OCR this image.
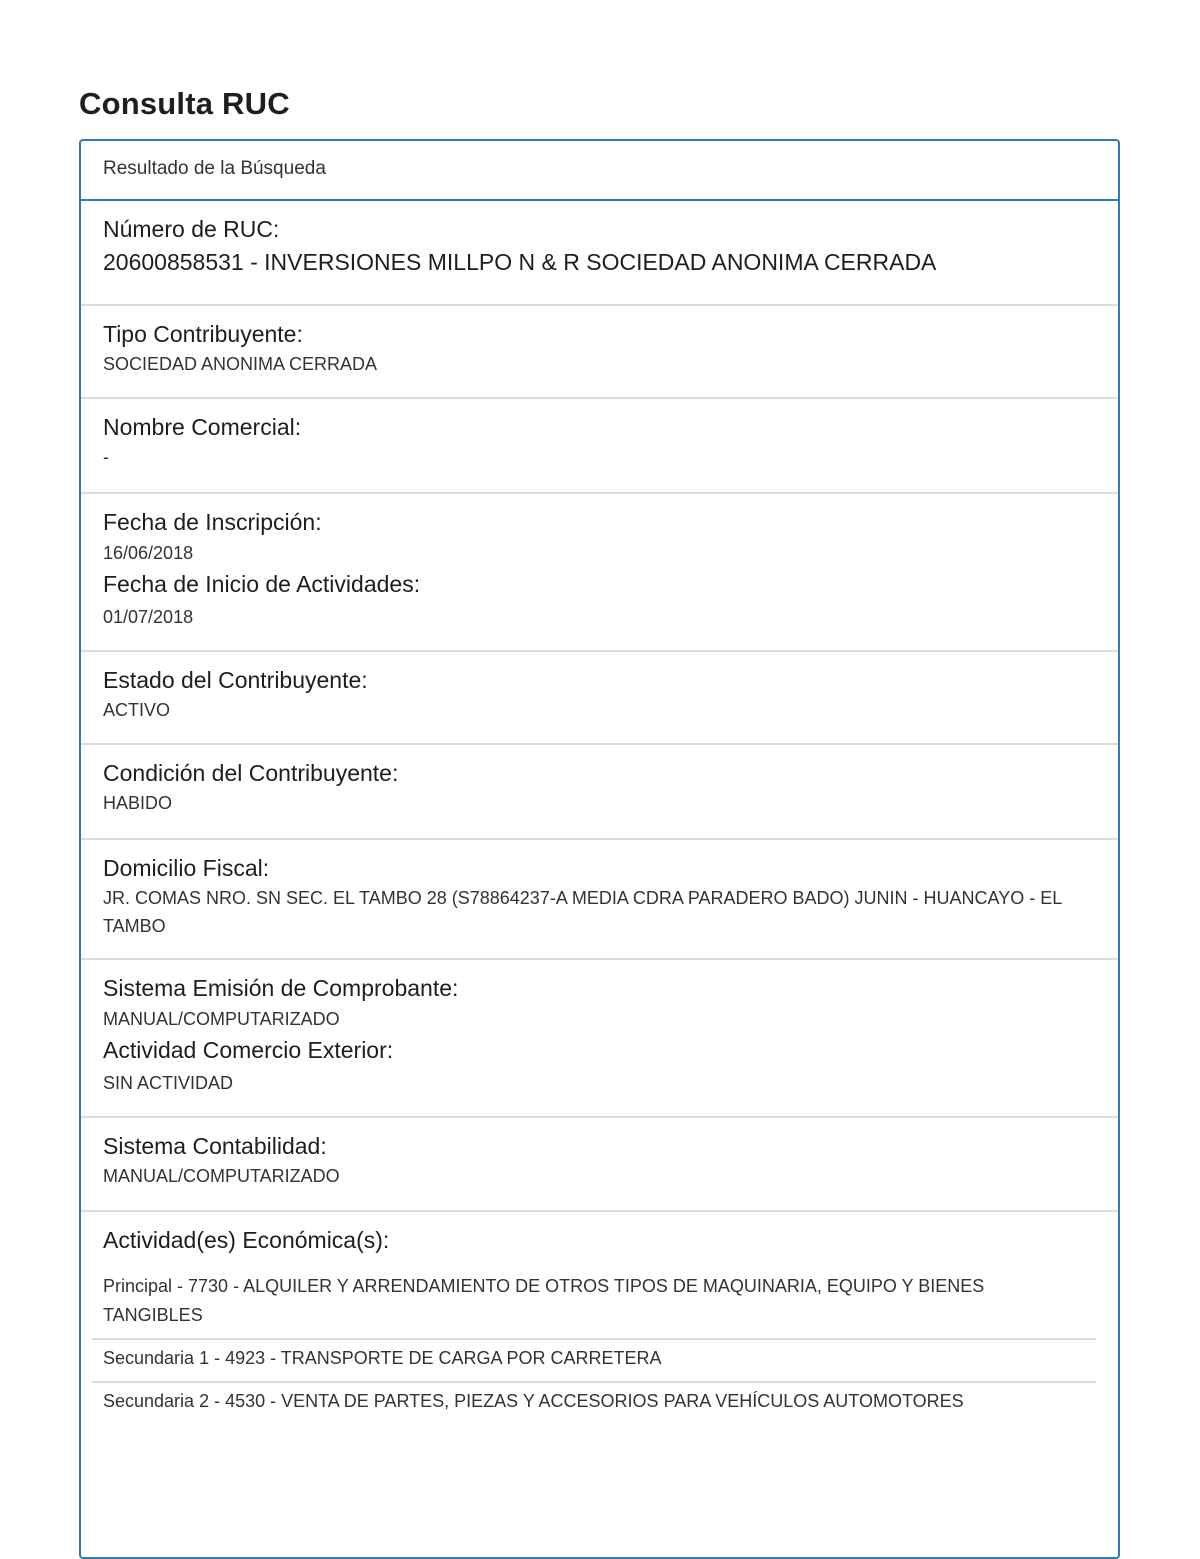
Consulta RUC
Resultado de la Búsqueda
Número de RUC:
20600858531 - INVERSIONES MILLPO N & R SOCIEDAD ANONIMA CERRADA
Tipo Contribuyente:
SOCIEDAD ANONIMA CERRADA
Nombre Comercial:
-
Fecha de Inscripción:
16/06/2018
Fecha de Inicio de Actividades:
01/07/2018
Estado del Contribuyente:
ACTIVO
Condición del Contribuyente:
HABIDO
Domicilio Fiscal:
JR. COMAS NRO. SN SEC. EL TAMBO 28 (S78864237-A MEDIA CDRA PARADERO BADO) JUNIN - HUANCAYO - EL TAMBO
Sistema Emisión de Comprobante:
MANUAL/COMPUTARIZADO
Actividad Comercio Exterior:
SIN ACTIVIDAD
Sistema Contabilidad:
MANUAL/COMPUTARIZADO
Actividad(es) Económica(s):
Principal - 7730 - ALQUILER Y ARRENDAMIENTO DE OTROS TIPOS DE MAQUINARIA, EQUIPO Y BIENES TANGIBLES
Secundaria 1 - 4923 - TRANSPORTE DE CARGA POR CARRETERA
Secundaria 2 - 4530 - VENTA DE PARTES, PIEZAS Y ACCESORIOS PARA VEHÍCULOS AUTOMOTORES
